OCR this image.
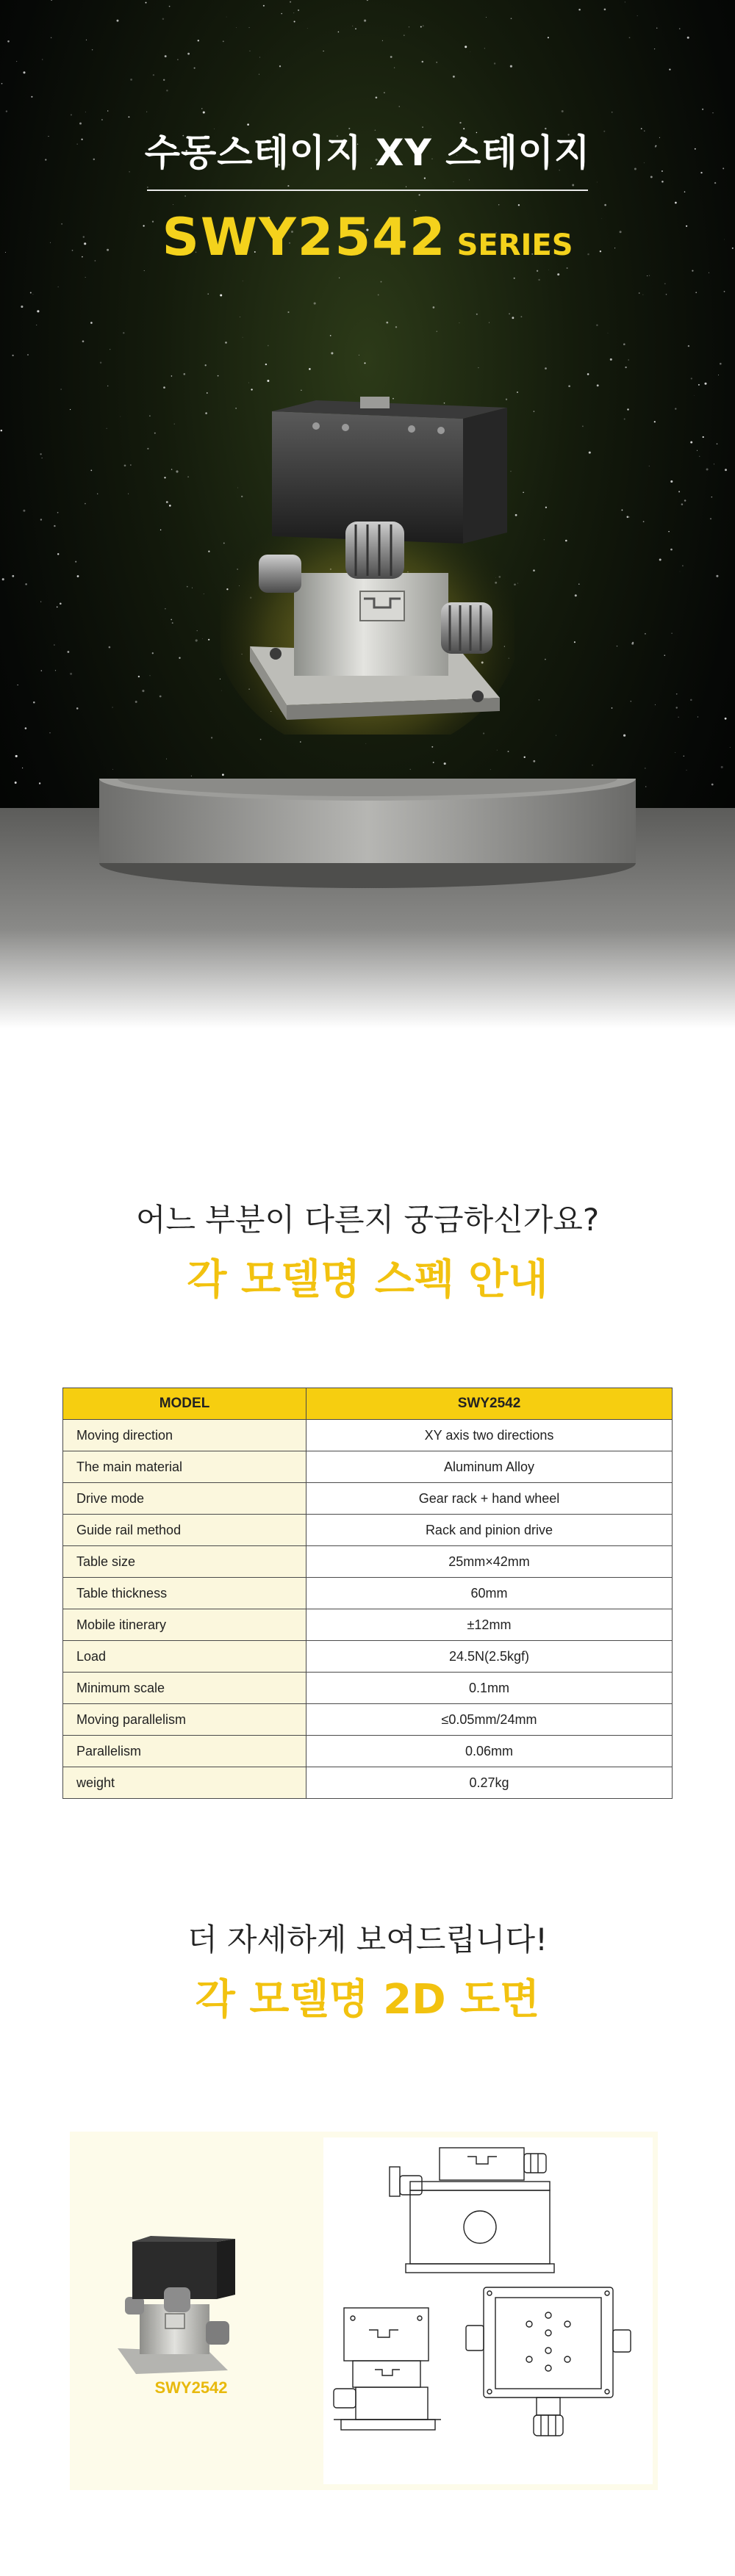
수동스테이지 XY 스테이지
SWY2542 SERIES
어느 부분이 다른지 궁금하신가요?
각 모델명 스펙 안내
MODEL	SWY2542
Moving direction	XY axis two directions
The main material	Aluminum Alloy
Drive mode	Gear rack + hand wheel
Guide rail method	Rack and pinion drive
Table size	25mm×42mm
Table thickness	60mm
Mobile itinerary	±12mm
Load	24.5N(2.5kgf)
Minimum scale	0.1mm
Moving parallelism	≤0.05mm/24mm
Parallelism	0.06mm
weight	0.27kg
더 자세하게 보여드립니다!
각 모델명 2D 도면
SWY2542
